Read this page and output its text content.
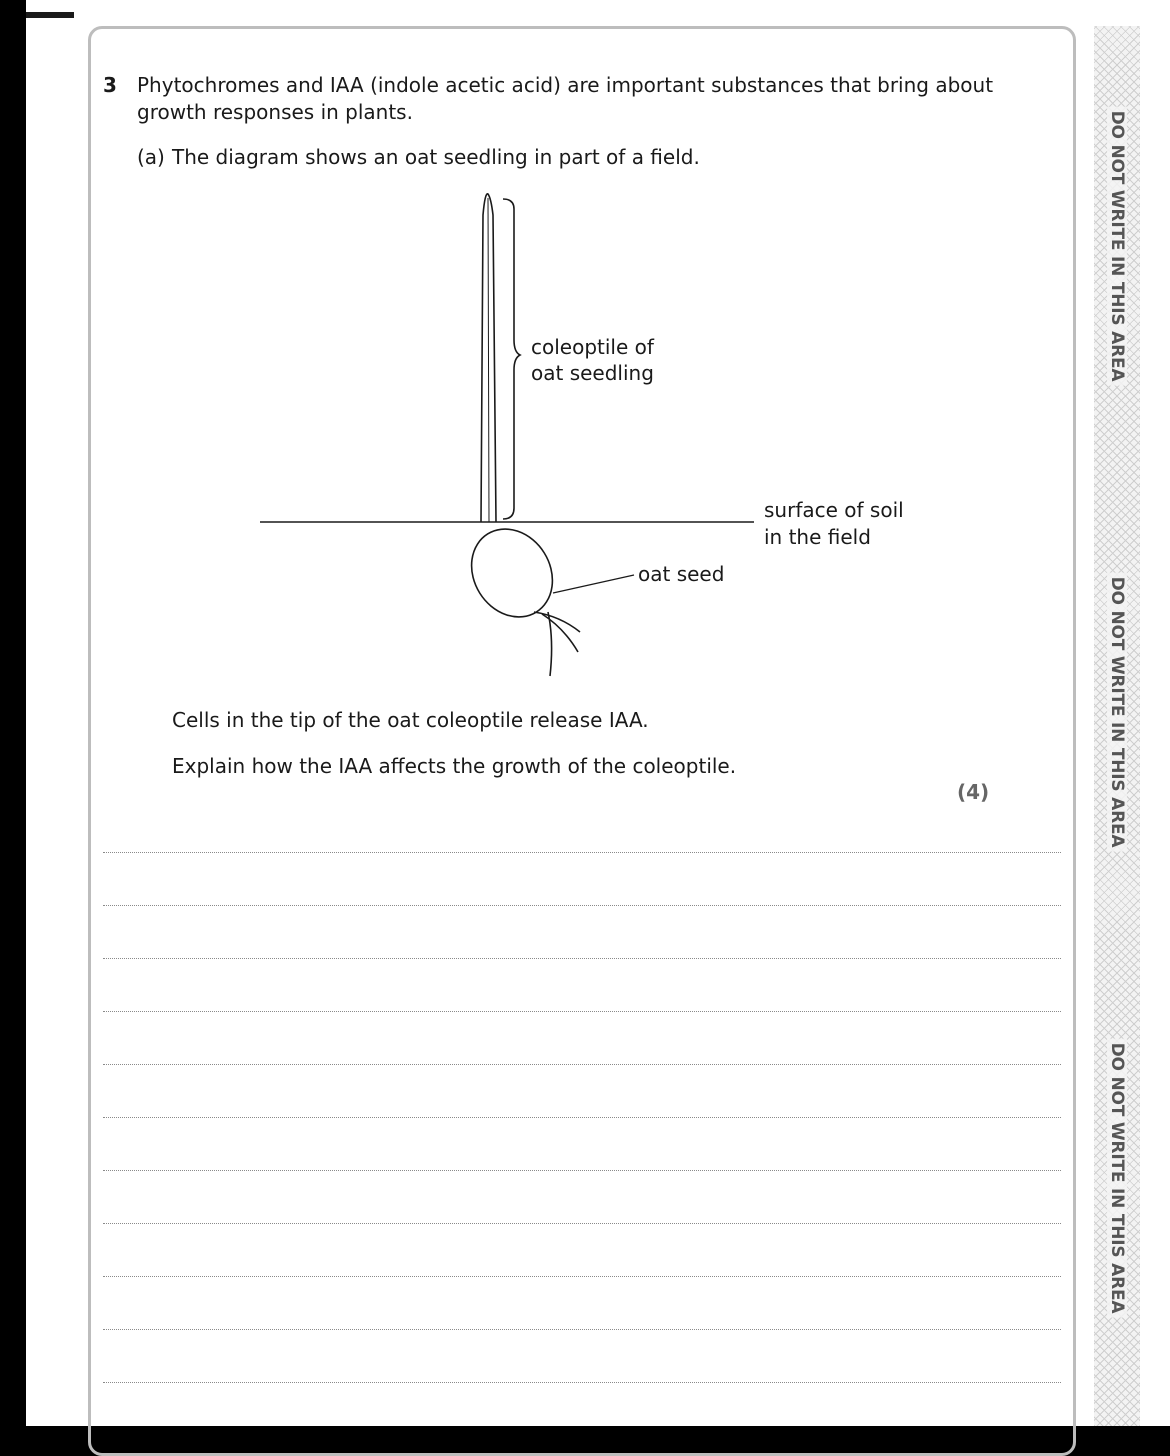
DO NOT WRITE IN THIS AREA
DO NOT WRITE IN THIS AREA
DO NOT WRITE IN THIS AREA
3 Phytochromes and IAA (indole acetic acid) are important substances that bring about growth responses in plants.
(a) The diagram shows an oat seedling in part of a field.
coleoptile of
oat seedling
surface of soil
in the field
oat seed
Cells in the tip of the oat coleoptile release IAA.
Explain how the IAA affects the growth of the coleoptile.
(4)
